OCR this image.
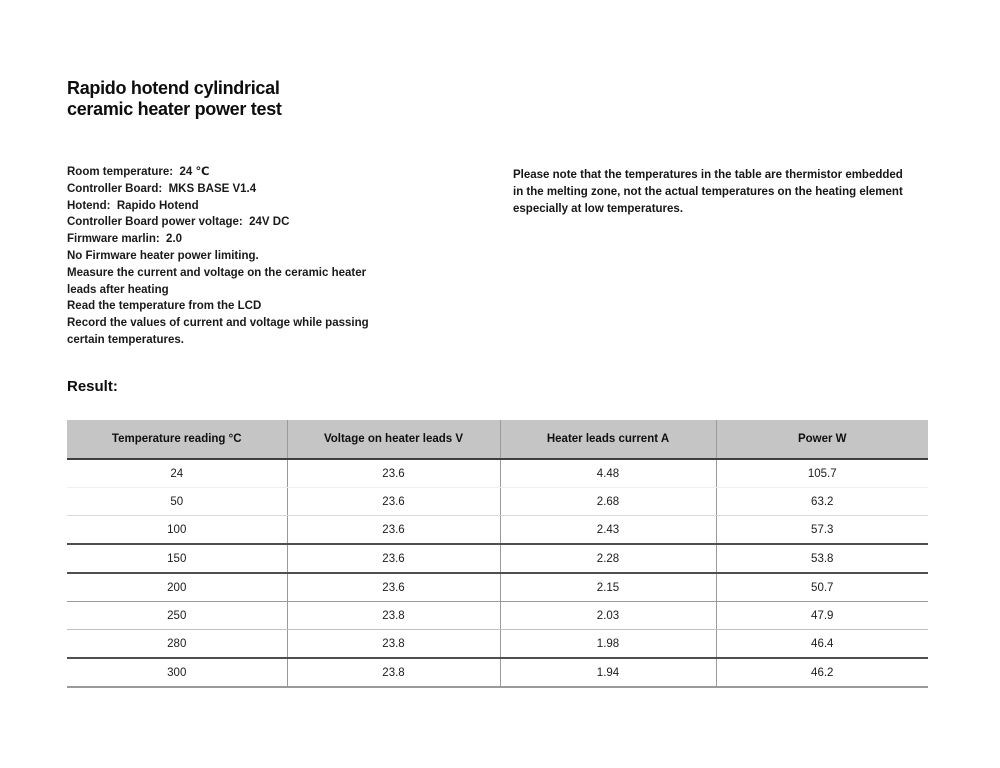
Rapido hotend cylindrical
ceramic heater power test
Room temperature:  24 ℃
Controller Board:  MKS BASE V1.4
Hotend:  Rapido Hotend
Controller Board power voltage:  24V DC
Firmware marlin:  2.0
No Firmware heater power limiting.
Measure the current and voltage on the ceramic heater
leads after heating
Read the temperature from the LCD
Record the values of current and voltage while passing
certain temperatures.
Please note that the temperatures in the table are thermistor embedded
in the melting zone, not the actual temperatures on the heating element
especially at low temperatures.
Result:
Temperature reading °C	Voltage on heater leads V	Heater leads current A	Power W
24	23.6	4.48	105.7
50	23.6	2.68	63.2
100	23.6	2.43	57.3
150	23.6	2.28	53.8
200	23.6	2.15	50.7
250	23.8	2.03	47.9
280	23.8	1.98	46.4
300	23.8	1.94	46.2
